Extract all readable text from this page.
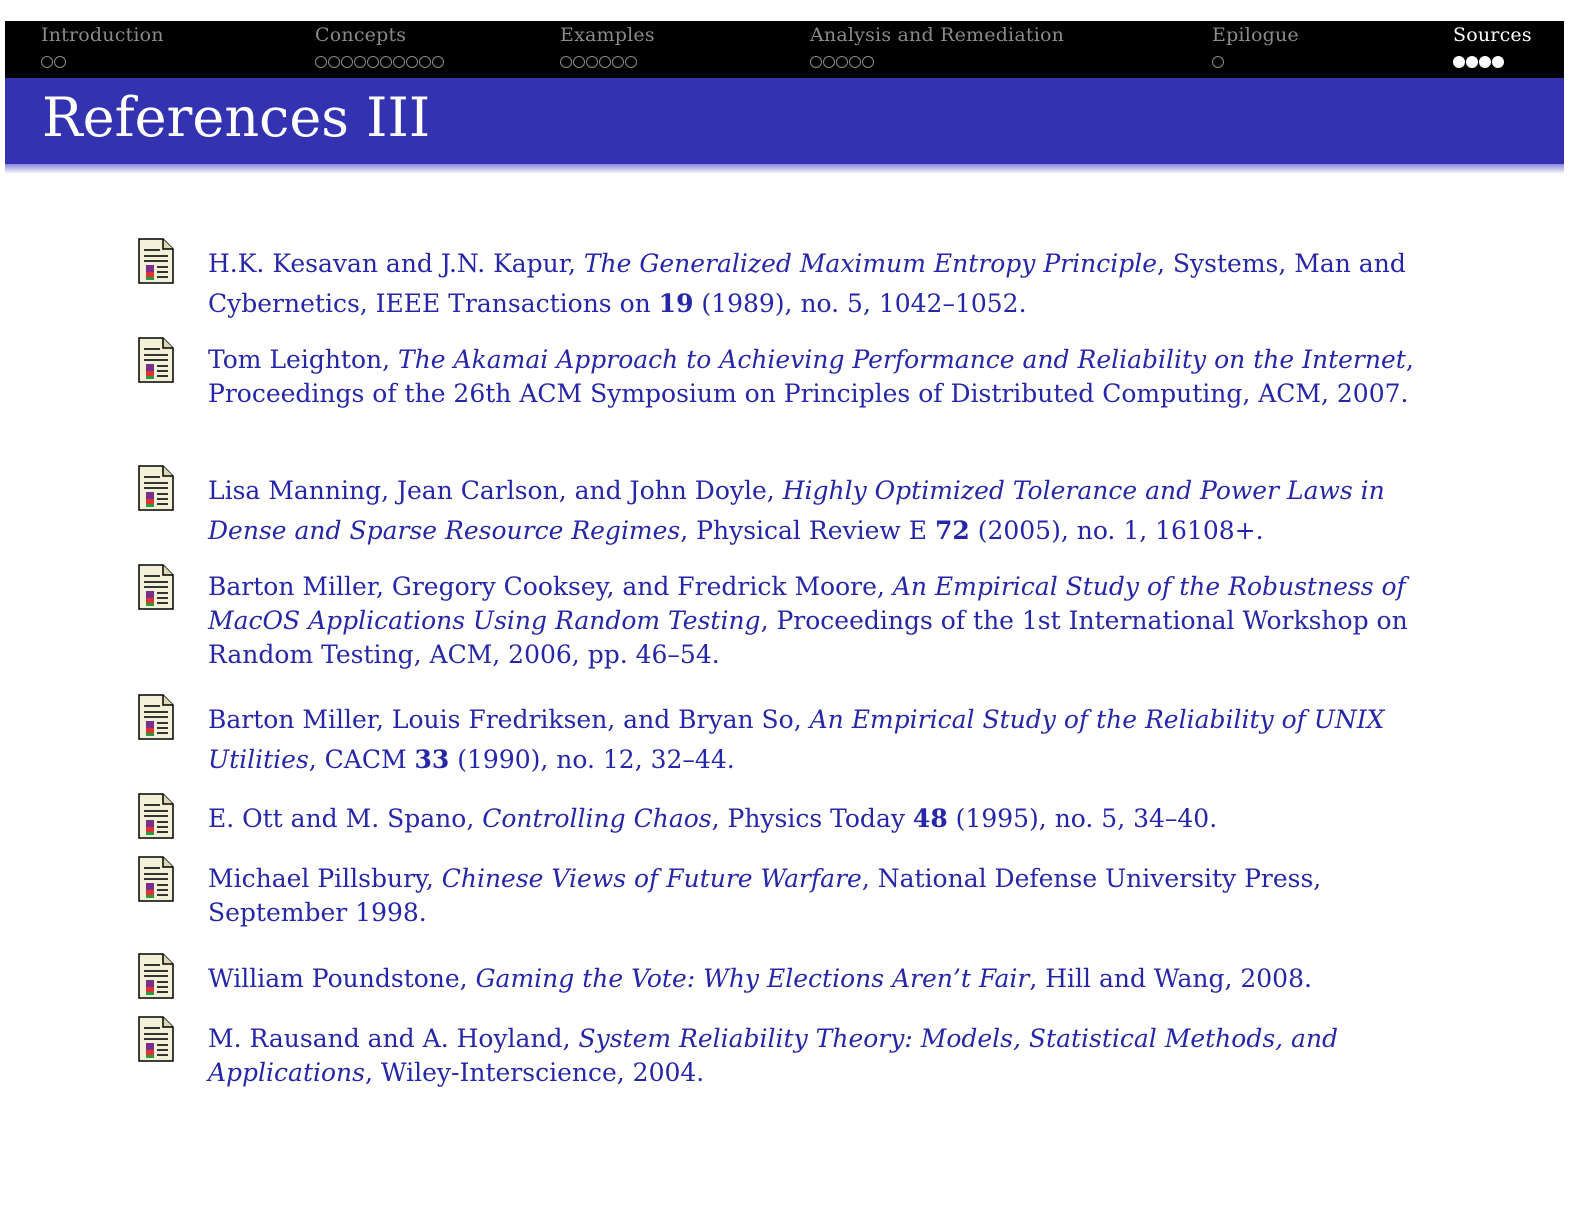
Introduction	Concepts	Examples	Analysis and Remediation	Epilogue	Sources
References III

H.K. Kesavan and J.N. Kapur, The Generalized Maximum Entropy Principle, Systems, Man and Cybernetics, IEEE Transactions on 19 (1989), no. 5, 1042–1052.

Tom Leighton, The Akamai Approach to Achieving Performance and Reliability on the Internet, Proceedings of the 26th ACM Symposium on Principles of Distributed Computing, ACM, 2007.

Lisa Manning, Jean Carlson, and John Doyle, Highly Optimized Tolerance and Power Laws in Dense and Sparse Resource Regimes, Physical Review E 72 (2005), no. 1, 16108+.

Barton Miller, Gregory Cooksey, and Fredrick Moore, An Empirical Study of the Robustness of MacOS Applications Using Random Testing, Proceedings of the 1st International Workshop on Random Testing, ACM, 2006, pp. 46–54.

Barton Miller, Louis Fredriksen, and Bryan So, An Empirical Study of the Reliability of UNIX Utilities, CACM 33 (1990), no. 12, 32–44.

E. Ott and M. Spano, Controlling Chaos, Physics Today 48 (1995), no. 5, 34–40.

Michael Pillsbury, Chinese Views of Future Warfare, National Defense University Press, September 1998.

William Poundstone, Gaming the Vote: Why Elections Aren’t Fair, Hill and Wang, 2008.

M. Rausand and A. Hoyland, System Reliability Theory: Models, Statistical Methods, and Applications, Wiley-Interscience, 2004.
